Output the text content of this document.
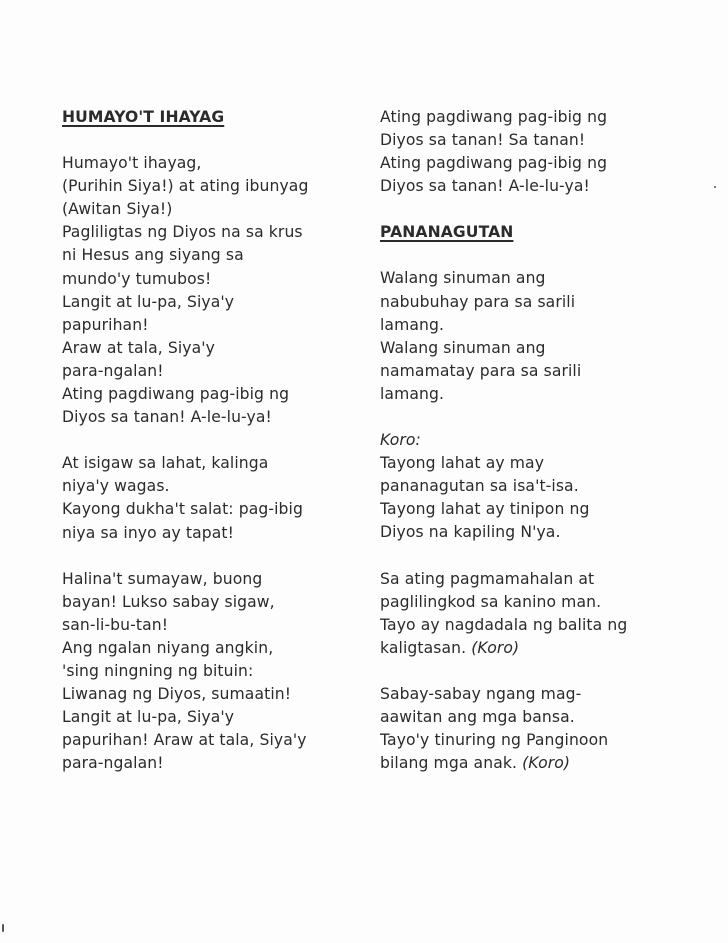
HUMAYO'T IHAYAG
Humayo't ihayag,
(Purihin Siya!) at ating ibunyag
(Awitan Siya!)
Pagliligtas ng Diyos na sa krus
ni Hesus ang siyang sa
mundo'y tumubos!
Langit at lu-pa, Siya'y
papurihan!
Araw at tala, Siya'y
para-ngalan!
Ating pagdiwang pag-ibig ng
Diyos sa tanan! A-le-lu-ya!
At isigaw sa lahat, kalinga
niya'y wagas.
Kayong dukha't salat: pag-ibig
niya sa inyo ay tapat!
Halina't sumayaw, buong
bayan! Lukso sabay sigaw,
san-li-bu-tan!
Ang ngalan niyang angkin,
'sing ningning ng bituin:
Liwanag ng Diyos, sumaatin!
Langit at lu-pa, Siya'y
papurihan! Araw at tala, Siya'y
para-ngalan!
Ating pagdiwang pag-ibig ng
Diyos sa tanan! Sa tanan!
Ating pagdiwang pag-ibig ng
Diyos sa tanan! A-le-lu-ya!
PANANAGUTAN
Walang sinuman ang
nabubuhay para sa sarili
lamang.
Walang sinuman ang
namamatay para sa sarili
lamang.
Koro:
Tayong lahat ay may
pananagutan sa isa't-isa.
Tayong lahat ay tinipon ng
Diyos na kapiling N'ya.
Sa ating pagmamahalan at
paglilingkod sa kanino man.
Tayo ay nagdadala ng balita ng
kaligtasan. (Koro)
Sabay-sabay ngang mag-
aawitan ang mga bansa.
Tayo'y tinuring ng Panginoon
bilang mga anak. (Koro)
